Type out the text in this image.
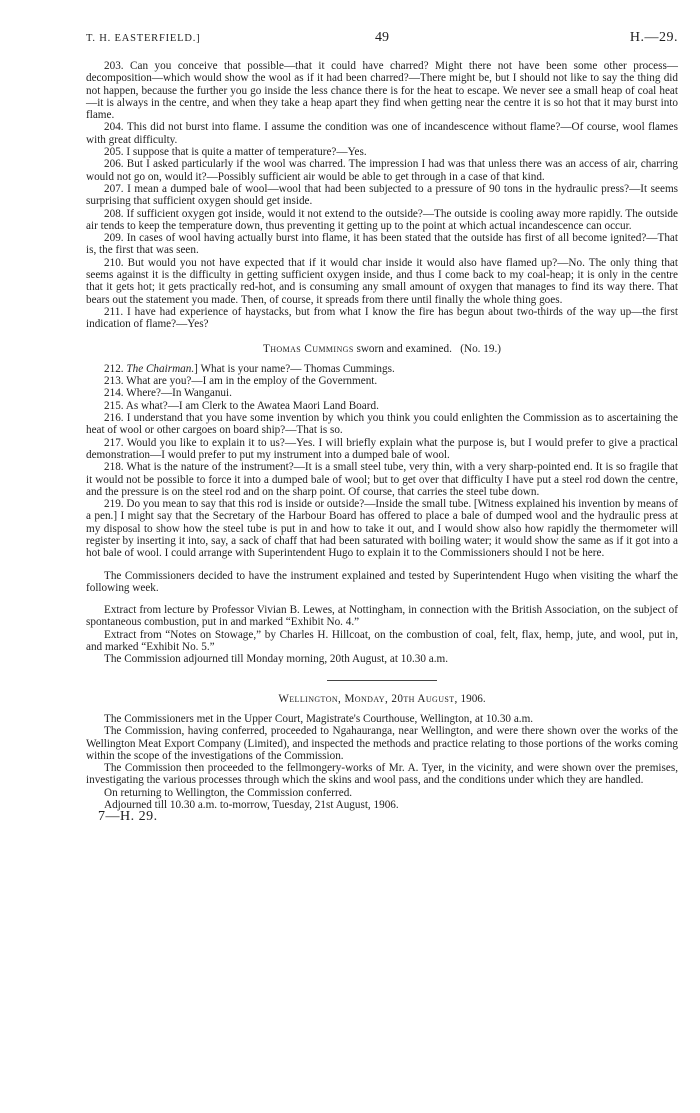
T. H. EASTERFIELD.]	49	H.—29.

203. Can you conceive that possible—that it could have charred? Might there not have been some other process—decomposition—which would show the wool as if it had been charred?—There might be, but I should not like to say the thing did not happen, because the further you go inside the less chance there is for the heat to escape. We never see a small heap of coal heat—it is always in the centre, and when they take a heap apart they find when getting near the centre it is so hot that it may burst into flame.

204. This did not burst into flame. I assume the condition was one of incandescence without flame?—Of course, wool flames with great difficulty.

205. I suppose that is quite a matter of temperature?—Yes.

206. But I asked particularly if the wool was charred. The impression I had was that unless there was an access of air, charring would not go on, would it?—Possibly sufficient air would be able to get through in a case of that kind.

207. I mean a dumped bale of wool—wool that had been subjected to a pressure of 90 tons in the hydraulic press?—It seems surprising that sufficient oxygen should get inside.

208. If sufficient oxygen got inside, would it not extend to the outside?—The outside is cooling away more rapidly. The outside air tends to keep the temperature down, thus preventing it getting up to the point at which actual incandescence can occur.

209. In cases of wool having actually burst into flame, it has been stated that the outside has first of all become ignited?—That is, the first that was seen.

210. But would you not have expected that if it would char inside it would also have flamed up?—No. The only thing that seems against it is the difficulty in getting sufficient oxygen inside, and thus I come back to my coal-heap; it is only in the centre that it gets hot; it gets practically red-hot, and is consuming any small amount of oxygen that manages to find its way there. That bears out the statement you made. Then, of course, it spreads from there until finally the whole thing goes.

211. I have had experience of haystacks, but from what I know the fire has begun about two-thirds of the way up—the first indication of flame?—Yes?

Thomas Cummings sworn and examined. (No. 19.)

212. The Chairman.] What is your name?— Thomas Cummings.

213. What are you?—I am in the employ of the Government.

214. Where?—In Wanganui.

215. As what?—I am Clerk to the Awatea Maori Land Board.

216. I understand that you have some invention by which you think you could enlighten the Commission as to ascertaining the heat of wool or other cargoes on board ship?—That is so.

217. Would you like to explain it to us?—Yes. I will briefly explain what the purpose is, but I would prefer to give a practical demonstration—I would prefer to put my instrument into a dumped bale of wool.

218. What is the nature of the instrument?—It is a small steel tube, very thin, with a very sharp-pointed end. It is so fragile that it would not be possible to force it into a dumped bale of wool; but to get over that difficulty I have put a steel rod down the centre, and the pressure is on the steel rod and on the sharp point. Of course, that carries the steel tube down.

219. Do you mean to say that this rod is inside or outside?—Inside the small tube. [Witness explained his invention by means of a pen.] I might say that the Secretary of the Harbour Board has offered to place a bale of dumped wool and the hydraulic press at my disposal to show how the steel tube is put in and how to take it out, and I would show also how rapidly the thermometer will register by inserting it into, say, a sack of chaff that had been saturated with boiling water; it would show the same as if it got into a hot bale of wool. I could arrange with Superintendent Hugo to explain it to the Commissioners should I not be here.

The Commissioners decided to have the instrument explained and tested by Superintendent Hugo when visiting the wharf the following week.

Extract from lecture by Professor Vivian B. Lewes, at Nottingham, in connection with the British Association, on the subject of spontaneous combustion, put in and marked “Exhibit No. 4.”

Extract from “Notes on Stowage,” by Charles H. Hillcoat, on the combustion of coal, felt, flax, hemp, jute, and wool, put in, and marked “Exhibit No. 5.”

The Commission adjourned till Monday morning, 20th August, at 10.30 a.m.

Wellington, Monday, 20th August, 1906.

The Commissioners met in the Upper Court, Magistrate's Courthouse, Wellington, at 10.30 a.m.

The Commission, having conferred, proceeded to Ngahauranga, near Wellington, and were there shown over the works of the Wellington Meat Export Company (Limited), and inspected the methods and practice relating to those portions of the works coming within the scope of the investigations of the Commission.

The Commission then proceeded to the fellmongery-works of Mr. A. Tyer, in the vicinity, and were shown over the premises, investigating the various processes through which the skins and wool pass, and the conditions under which they are handled.

On returning to Wellington, the Commission conferred.

Adjourned till 10.30 a.m. to-morrow, Tuesday, 21st August, 1906.

7—H. 29.
